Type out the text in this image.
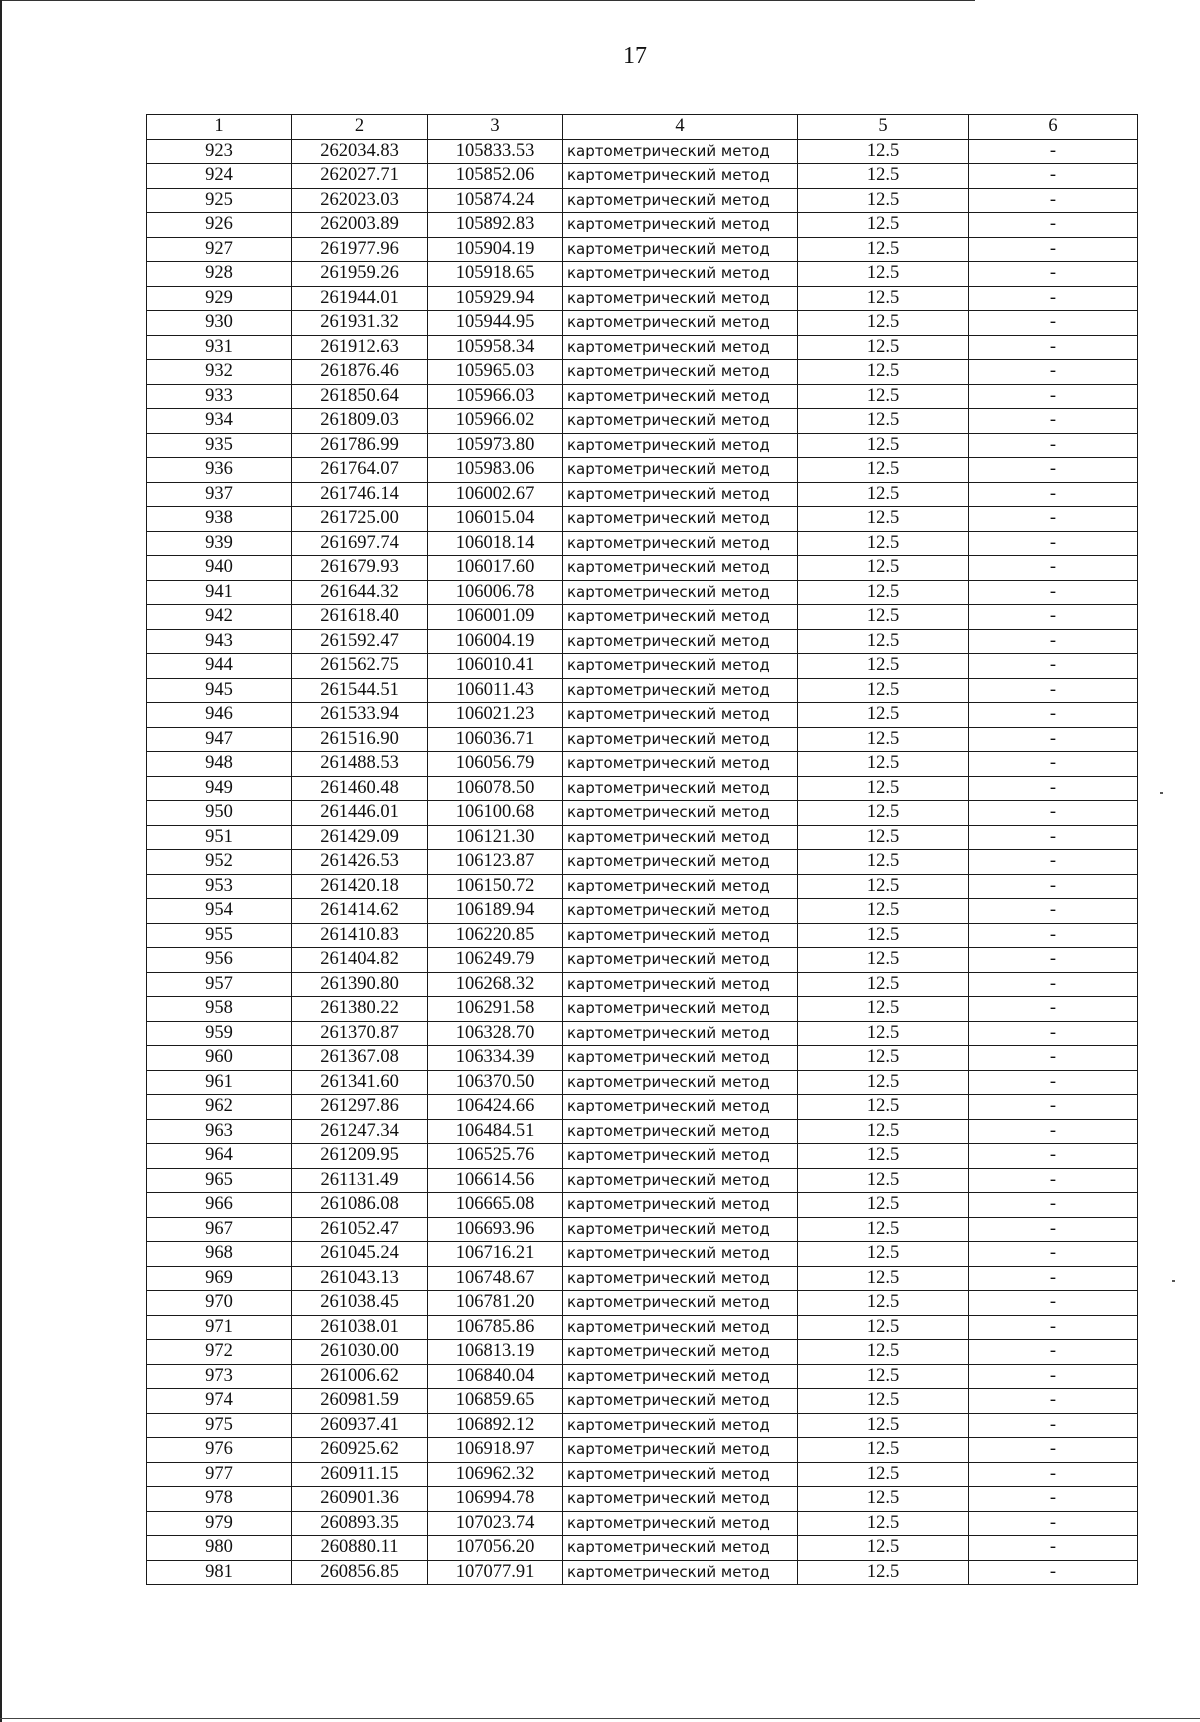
17
1	2	3	4	5	6
923	262034.83	105833.53	картометрический метод	12.5	-
924	262027.71	105852.06	картометрический метод	12.5	-
925	262023.03	105874.24	картометрический метод	12.5	-
926	262003.89	105892.83	картометрический метод	12.5	-
927	261977.96	105904.19	картометрический метод	12.5	-
928	261959.26	105918.65	картометрический метод	12.5	-
929	261944.01	105929.94	картометрический метод	12.5	-
930	261931.32	105944.95	картометрический метод	12.5	-
931	261912.63	105958.34	картометрический метод	12.5	-
932	261876.46	105965.03	картометрический метод	12.5	-
933	261850.64	105966.03	картометрический метод	12.5	-
934	261809.03	105966.02	картометрический метод	12.5	-
935	261786.99	105973.80	картометрический метод	12.5	-
936	261764.07	105983.06	картометрический метод	12.5	-
937	261746.14	106002.67	картометрический метод	12.5	-
938	261725.00	106015.04	картометрический метод	12.5	-
939	261697.74	106018.14	картометрический метод	12.5	-
940	261679.93	106017.60	картометрический метод	12.5	-
941	261644.32	106006.78	картометрический метод	12.5	-
942	261618.40	106001.09	картометрический метод	12.5	-
943	261592.47	106004.19	картометрический метод	12.5	-
944	261562.75	106010.41	картометрический метод	12.5	-
945	261544.51	106011.43	картометрический метод	12.5	-
946	261533.94	106021.23	картометрический метод	12.5	-
947	261516.90	106036.71	картометрический метод	12.5	-
948	261488.53	106056.79	картометрический метод	12.5	-
949	261460.48	106078.50	картометрический метод	12.5	-
950	261446.01	106100.68	картометрический метод	12.5	-
951	261429.09	106121.30	картометрический метод	12.5	-
952	261426.53	106123.87	картометрический метод	12.5	-
953	261420.18	106150.72	картометрический метод	12.5	-
954	261414.62	106189.94	картометрический метод	12.5	-
955	261410.83	106220.85	картометрический метод	12.5	-
956	261404.82	106249.79	картометрический метод	12.5	-
957	261390.80	106268.32	картометрический метод	12.5	-
958	261380.22	106291.58	картометрический метод	12.5	-
959	261370.87	106328.70	картометрический метод	12.5	-
960	261367.08	106334.39	картометрический метод	12.5	-
961	261341.60	106370.50	картометрический метод	12.5	-
962	261297.86	106424.66	картометрический метод	12.5	-
963	261247.34	106484.51	картометрический метод	12.5	-
964	261209.95	106525.76	картометрический метод	12.5	-
965	261131.49	106614.56	картометрический метод	12.5	-
966	261086.08	106665.08	картометрический метод	12.5	-
967	261052.47	106693.96	картометрический метод	12.5	-
968	261045.24	106716.21	картометрический метод	12.5	-
969	261043.13	106748.67	картометрический метод	12.5	-
970	261038.45	106781.20	картометрический метод	12.5	-
971	261038.01	106785.86	картометрический метод	12.5	-
972	261030.00	106813.19	картометрический метод	12.5	-
973	261006.62	106840.04	картометрический метод	12.5	-
974	260981.59	106859.65	картометрический метод	12.5	-
975	260937.41	106892.12	картометрический метод	12.5	-
976	260925.62	106918.97	картометрический метод	12.5	-
977	260911.15	106962.32	картометрический метод	12.5	-
978	260901.36	106994.78	картометрический метод	12.5	-
979	260893.35	107023.74	картометрический метод	12.5	-
980	260880.11	107056.20	картометрический метод	12.5	-
981	260856.85	107077.91	картометрический метод	12.5	-
